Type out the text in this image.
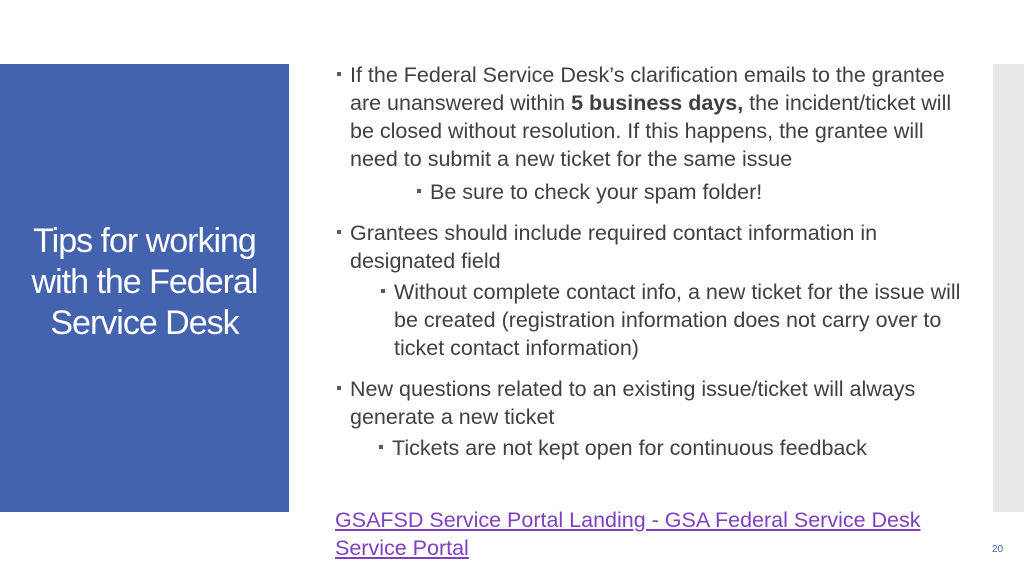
Tips for working
with the Federal
Service Desk
If the Federal Service Desk’s clarification emails to the grantee are unanswered within 5 business days, the incident/ticket will be closed without resolution. If this happens, the grantee will need to submit a new ticket for the same issue
Be sure to check your spam folder!
Grantees should include required contact information in designated field
Without complete contact info, a new ticket for the issue will be created (registration information does not carry over to ticket contact information)
New questions related to an existing issue/ticket will always generate a new ticket
Tickets are not kept open for continuous feedback
GSAFSD Service Portal Landing - GSA Federal Service Desk Service Portal	20
